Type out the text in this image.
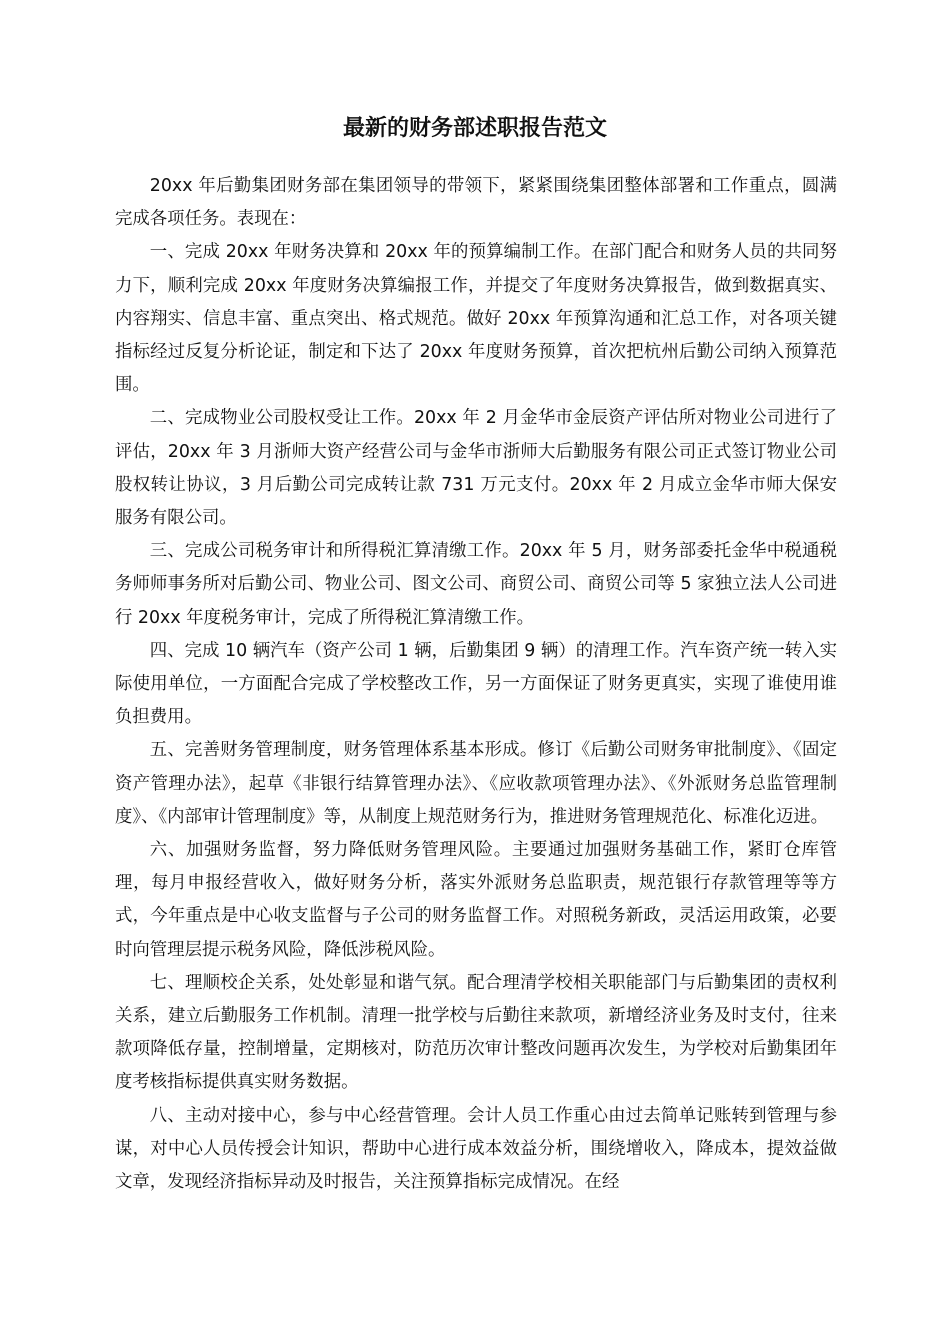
最新的财务部述职报告范文

20xx 年后勤集团财务部在集团领导的带领下，紧紧围绕集团整体部署和工作重点，圆满完成各项任务。表现在：

一、完成 20xx 年财务决算和 20xx 年的预算编制工作。在部门配合和财务人员的共同努力下，顺利完成 20xx 年度财务决算编报工作，并提交了年度财务决算报告，做到数据真实、内容翔实、信息丰富、重点突出、格式规范。做好 20xx 年预算沟通和汇总工作，对各项关键指标经过反复分析论证，制定和下达了 20xx 年度财务预算，首次把杭州后勤公司纳入预算范围。

二、完成物业公司股权受让工作。20xx 年 2 月金华市金辰资产评估所对物业公司进行了评估，20xx 年 3 月浙师大资产经营公司与金华市浙师大后勤服务有限公司正式签订物业公司股权转让协议，3 月后勤公司完成转让款 731 万元支付。20xx 年 2 月成立金华市师大保安服务有限公司。

三、完成公司税务审计和所得税汇算清缴工作。20xx 年 5 月，财务部委托金华中税通税务师师事务所对后勤公司、物业公司、图文公司、商贸公司、商贸公司等 5 家独立法人公司进行 20xx 年度税务审计，完成了所得税汇算清缴工作。

四、完成 10 辆汽车（资产公司 1 辆，后勤集团 9 辆）的清理工作。汽车资产统一转入实际使用单位，一方面配合完成了学校整改工作，另一方面保证了财务更真实，实现了谁使用谁负担费用。

五、完善财务管理制度，财务管理体系基本形成。修订《后勤公司财务审批制度》、《固定资产管理办法》，起草《非银行结算管理办法》、《应收款项管理办法》、《外派财务总监管理制度》、《内部审计管理制度》等，从制度上规范财务行为，推进财务管理规范化、标准化迈进。

六、加强财务监督，努力降低财务管理风险。主要通过加强财务基础工作，紧盯仓库管理，每月申报经营收入，做好财务分析，落实外派财务总监职责，规范银行存款管理等等方式，今年重点是中心收支监督与子公司的财务监督工作。对照税务新政，灵活运用政策，必要时向管理层提示税务风险，降低涉税风险。

七、理顺校企关系，处处彰显和谐气氛。配合理清学校相关职能部门与后勤集团的责权利关系，建立后勤服务工作机制。清理一批学校与后勤往来款项，新增经济业务及时支付，往来款项降低存量，控制增量，定期核对，防范历次审计整改问题再次发生，为学校对后勤集团年度考核指标提供真实财务数据。

八、主动对接中心，参与中心经营管理。会计人员工作重心由过去简单记账转到管理与参谋，对中心人员传授会计知识，帮助中心进行成本效益分析，围绕增收入，降成本，提效益做文章，发现经济指标异动及时报告，关注预算指标完成情况。在经
